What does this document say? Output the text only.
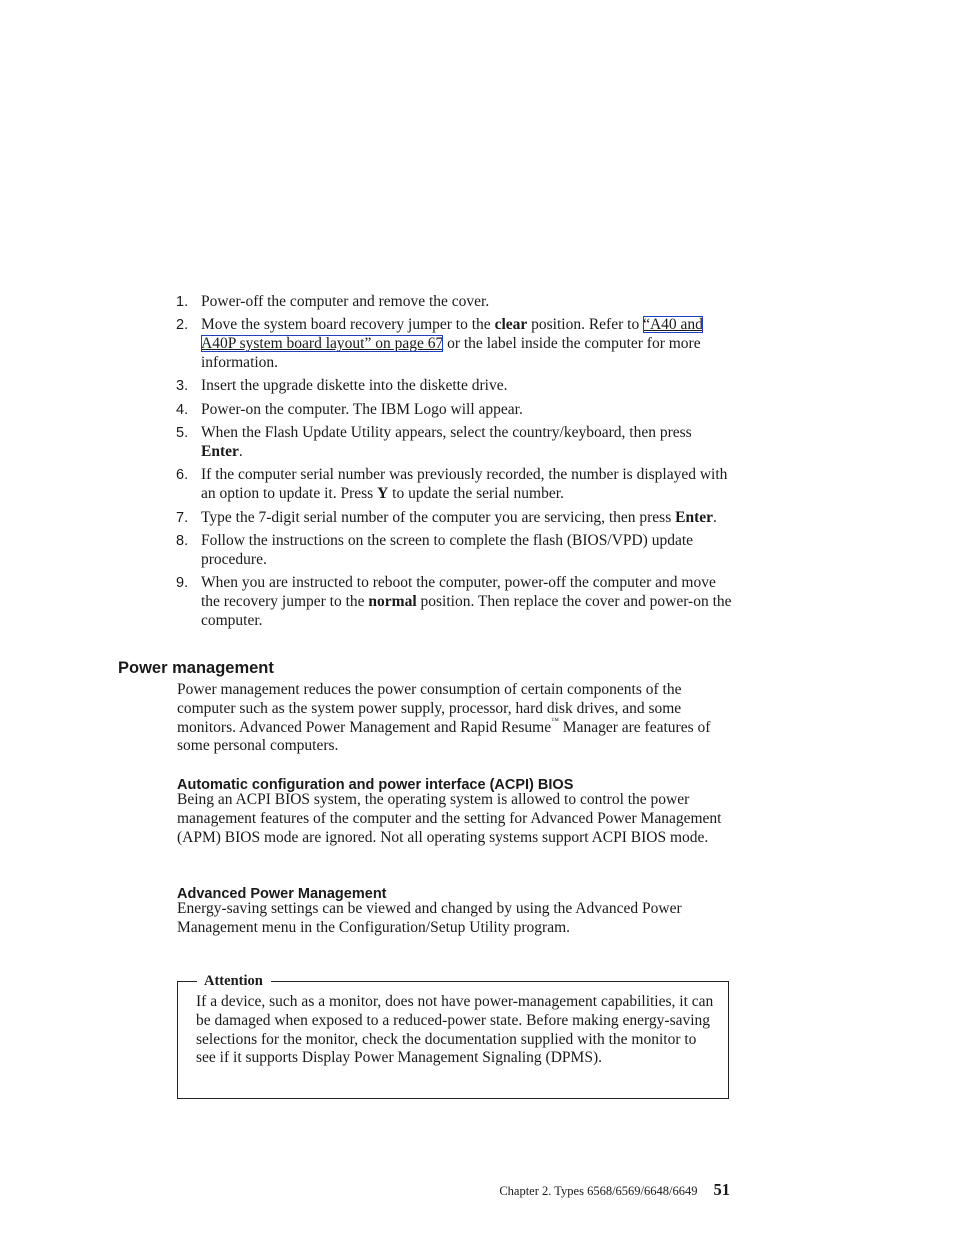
1. Power-off the computer and remove the cover.
2. Move the system board recovery jumper to the clear position. Refer to “A40 and A40P system board layout” on page 67 or the label inside the computer for more information.
3. Insert the upgrade diskette into the diskette drive.
4. Power-on the computer. The IBM Logo will appear.
5. When the Flash Update Utility appears, select the country/keyboard, then press Enter.
6. If the computer serial number was previously recorded, the number is displayed with an option to update it. Press Y to update the serial number.
7. Type the 7-digit serial number of the computer you are servicing, then press Enter.
8. Follow the instructions on the screen to complete the flash (BIOS/VPD) update procedure.
9. When you are instructed to reboot the computer, power-off the computer and move the recovery jumper to the normal position. Then replace the cover and power-on the computer.
Power management

Power management reduces the power consumption of certain components of the computer such as the system power supply, processor, hard disk drives, and some monitors. Advanced Power Management and Rapid Resume™ Manager are features of some personal computers.

Automatic configuration and power interface (ACPI) BIOS

Being an ACPI BIOS system, the operating system is allowed to control the power management features of the computer and the setting for Advanced Power Management (APM) BIOS mode are ignored. Not all operating systems support ACPI BIOS mode.

Advanced Power Management

Energy-saving settings can be viewed and changed by using the Advanced Power Management menu in the Configuration/Setup Utility program.

Attention

If a device, such as a monitor, does not have power-management capabilities, it can be damaged when exposed to a reduced-power state. Before making energy-saving selections for the monitor, check the documentation supplied with the monitor to see if it supports Display Power Management Signaling (DPMS).

Chapter 2. Types 6568/6569/6648/6649 51
